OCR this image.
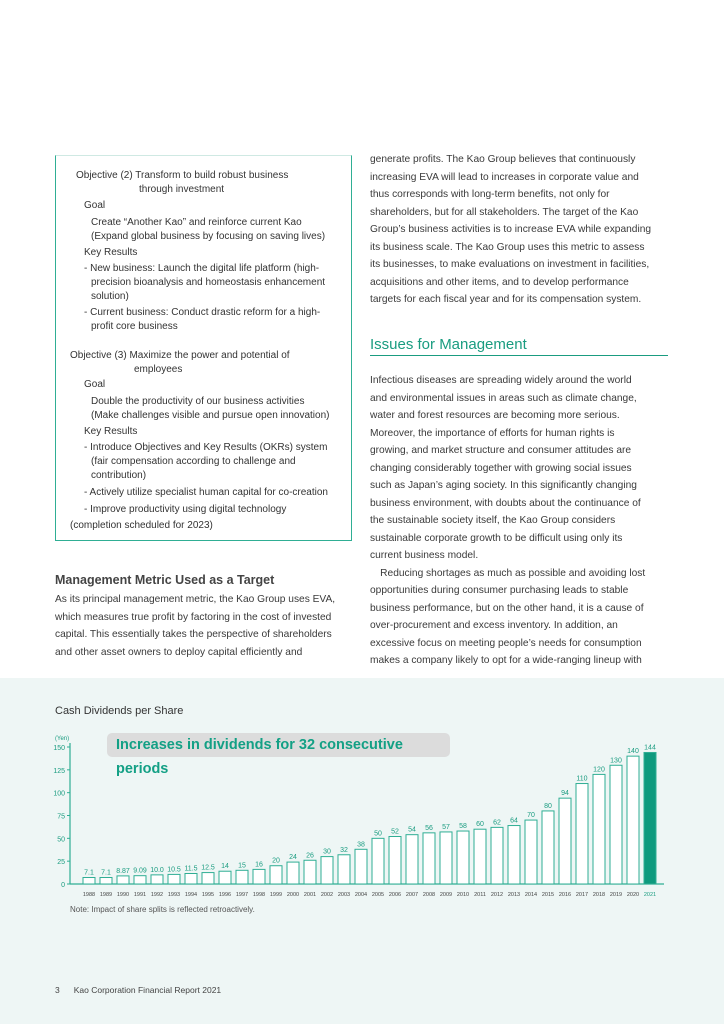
Objective (2) Transform to build robust business
through investment
Goal
Create “Another Kao” and reinforce current Kao
(Expand global business by focusing on saving lives)
Key Results
- New business: Launch the digital life platform (high-
precision bioanalysis and homeostasis enhancement
solution)
- Current business: Conduct drastic reform for a high-
profit core business
Objective (3) Maximize the power and potential of
employees
Goal
Double the productivity of our business activities
(Make challenges visible and pursue open innovation)
Key Results
- Introduce Objectives and Key Results (OKRs) system
(fair compensation according to challenge and
contribution)
- Actively utilize specialist human capital for co-creation
- Improve productivity using digital technology
(completion scheduled for 2023)
Management Metric Used as a Target

As its principal management metric, the Kao Group uses EVA,

which measures true profit by factoring in the cost of invested

capital. This essentially takes the perspective of shareholders

and other asset owners to deploy capital efficiently and

generate profits. The Kao Group believes that continuously

increasing EVA will lead to increases in corporate value and

thus corresponds with long-term benefits, not only for

shareholders, but for all stakeholders. The target of the Kao

Group’s business activities is to increase EVA while expanding

its business scale. The Kao Group uses this metric to assess

its businesses, to make evaluations on investment in facilities,

acquisitions and other items, and to develop performance

targets for each fiscal year and for its compensation system.

Issues for Management

Infectious diseases are spreading widely around the world

and environmental issues in areas such as climate change,

water and forest resources are becoming more serious.

Moreover, the importance of efforts for human rights is

growing, and market structure and consumer attitudes are

changing considerably together with growing social issues

such as Japan’s aging society. In this significantly changing

business environment, with doubts about the continuance of

the sustainable society itself, the Kao Group considers

sustainable corporate growth to be difficult using only its

current business model.

　Reducing shortages as much as possible and avoiding lost

opportunities during consumer purchasing leads to stable

business performance, but on the other hand, it is a cause of

over-procurement and excess inventory. In addition, an

excessive focus on meeting people’s needs for consumption

makes a company likely to opt for a wide-ranging lineup with

Cash Dividends per Share
(Yen)
0
25
50
75
100
125
150
7.1
1988
7.1
1989
8.87
1990
9.09
1991
10.0
1992
10.5
1993
11.5
1994
12.5
1995
14
1996
15
1997
16
1998
20
1999
24
2000
26
2001
30
2002
32
2003
38
2004
50
2005
52
2006
54
2007
56
2008
57
2009
58
2010
60
2011
62
2012
64
2013
70
2014
80
2015
94
2016
110
2017
120
2018
130
2019
140
2020
144
2021
Increases in dividends for 32 consecutive periods
Note: Impact of share splits is reflected retroactively.
3 Kao Corporation Financial Report 2021
